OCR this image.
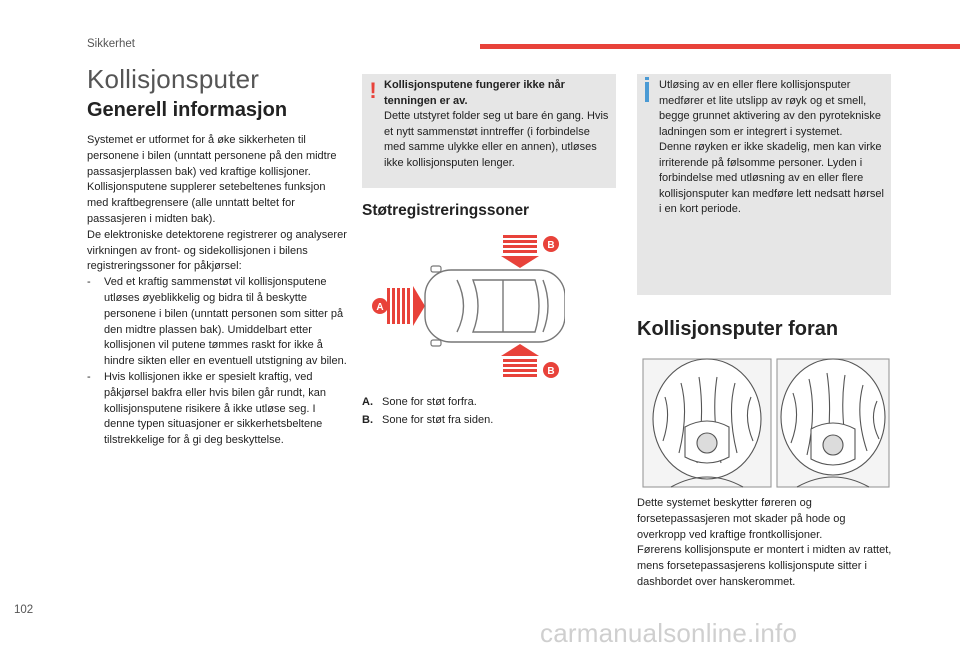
Sikkerhet
Kollisjonsputer
Generell informasjon

Systemet er utformet for å øke sikkerheten til personene i bilen (unntatt personene på den midtre passasjerplassen bak) ved kraftige kollisjoner. Kollisjonsputene supplerer setebeltenes funksjon med kraftbegrensere (alle unntatt beltet for passasjeren i midten bak).

De elektroniske detektorene registrerer og analyserer virkningen av front- og sidekollisjonen i bilens registreringssoner for påkjørsel:

- Ved et kraftig sammenstøt vil kollisjonsputene utløses øyeblikkelig og bidra til å beskytte personene i bilen (unntatt personen som sitter på den midtre plassen bak). Umiddelbart etter kollisjonen vil putene tømmes raskt for ikke å hindre sikten eller en eventuell utstigning av bilen.
- Hvis kollisjonen ikke er spesielt kraftig, ved påkjørsel bakfra eller hvis bilen går rundt, kan kollisjonsputene risikere å ikke utløse seg. I denne typen situasjoner er sikkerhetsbeltene tilstrekkelige for å gi deg beskyttelse.
! Kollisjonsputene fungerer ikke når tenningen er av.
Dette utstyret folder seg ut bare én gang. Hvis et nytt sammenstøt inntreffer (i forbindelse med samme ulykke eller en annen), utløses ikke kollisjonsputen lenger.
Støtregistreringssoner
A
B
B
A. Sone for støt forfra.
B. Sone for støt fra siden.
Utløsing av en eller flere kollisjonsputer medfører et lite utslipp av røyk og et smell, begge grunnet aktivering av den pyrotekniske ladningen som er integrert i systemet.
Denne røyken er ikke skadelig, men kan virke irriterende på følsomme personer. Lyden i forbindelse med utløsning av en eller flere kollisjonsputer kan medføre lett nedsatt hørsel i en kort periode.
Kollisjonsputer foran
Dette systemet beskytter føreren og forsetepassasjeren mot skader på hode og overkropp ved kraftige frontkollisjoner.
Førerens kollisjonspute er montert i midten av rattet, mens forsetepassasjerens kollisjonspute sitter i dashbordet over hanskerommet.
102
carmanualsonline.info
